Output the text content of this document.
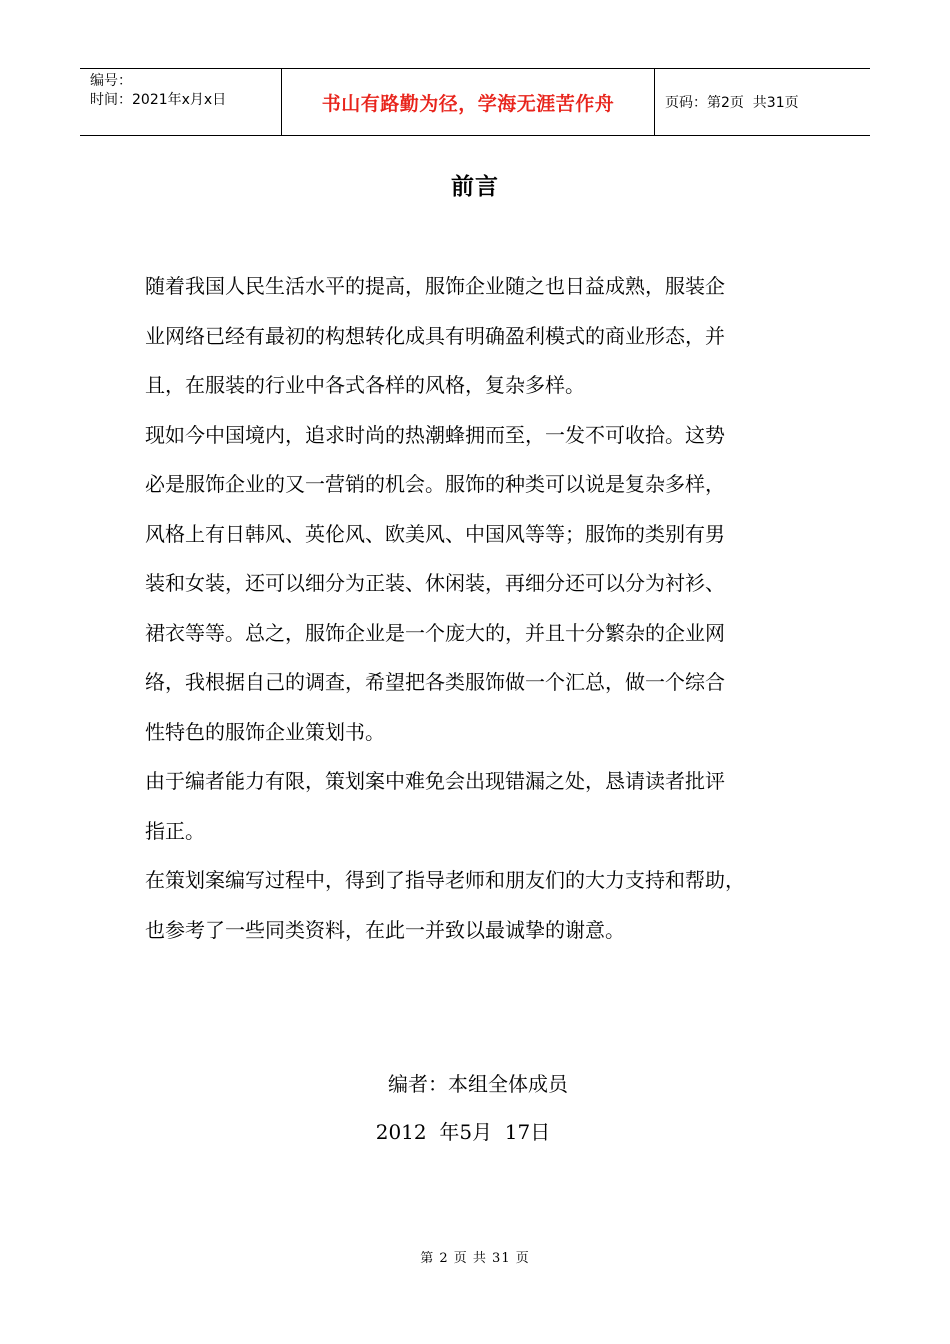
编号：
时间：2021年x月x日	书山有路勤为径，学海无涯苦作舟	页码：第2页  共31页
前言
随着我国人民生活水平的提高，服饰企业随之也日益成熟，服装企
业网络已经有最初的构想转化成具有明确盈利模式的商业形态，并
且，在服装的行业中各式各样的风格，复杂多样。
现如今中国境内，追求时尚的热潮蜂拥而至，一发不可收拾。这势
必是服饰企业的又一营销的机会。服饰的种类可以说是复杂多样，
风格上有日韩风、英伦风、欧美风、中国风等等；服饰的类别有男
装和女装，还可以细分为正装、休闲装，再细分还可以分为衬衫、
裙衣等等。总之，服饰企业是一个庞大的，并且十分繁杂的企业网
络，我根据自己的调查，希望把各类服饰做一个汇总，做一个综合
性特色的服饰企业策划书。
由于编者能力有限，策划案中难免会出现错漏之处，恳请读者批评
指正。
在策划案编写过程中，得到了指导老师和朋友们的大力支持和帮助，
也参考了一些同类资料，在此一并致以最诚挚的谢意。
编者：本组全体成员
2012  年5月  17日
第 2 页 共 31 页
